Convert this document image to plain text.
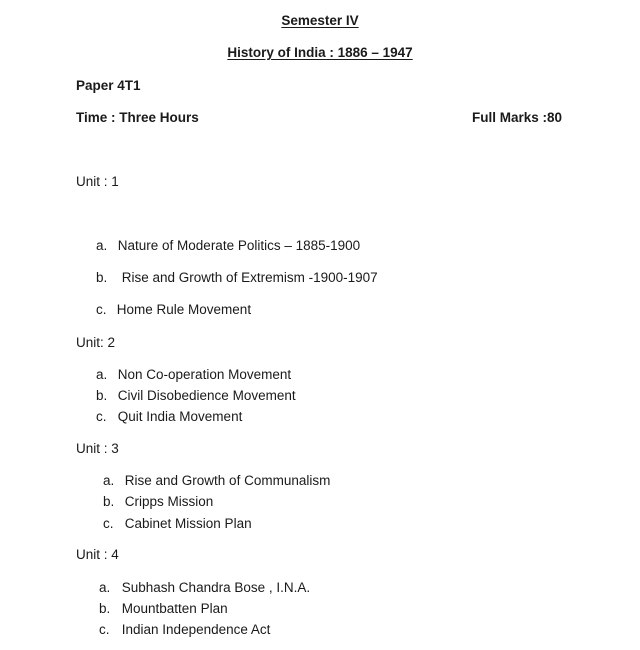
Semester IV
History of India : 1886 – 1947
Paper 4T1
Time : Three Hours	Full Marks :80
Unit : 1
a. Nature of Moderate Politics – 1885-1900
b. Rise and Growth of Extremism -1900-1907
c. Home Rule Movement
Unit: 2
a. Non Co-operation Movement
b. Civil Disobedience Movement
c. Quit India Movement
Unit : 3
a. Rise and Growth of Communalism
b. Cripps Mission
c. Cabinet Mission Plan
Unit : 4
a. Subhash Chandra Bose , I.N.A.
b. Mountbatten Plan
c. Indian Independence Act
